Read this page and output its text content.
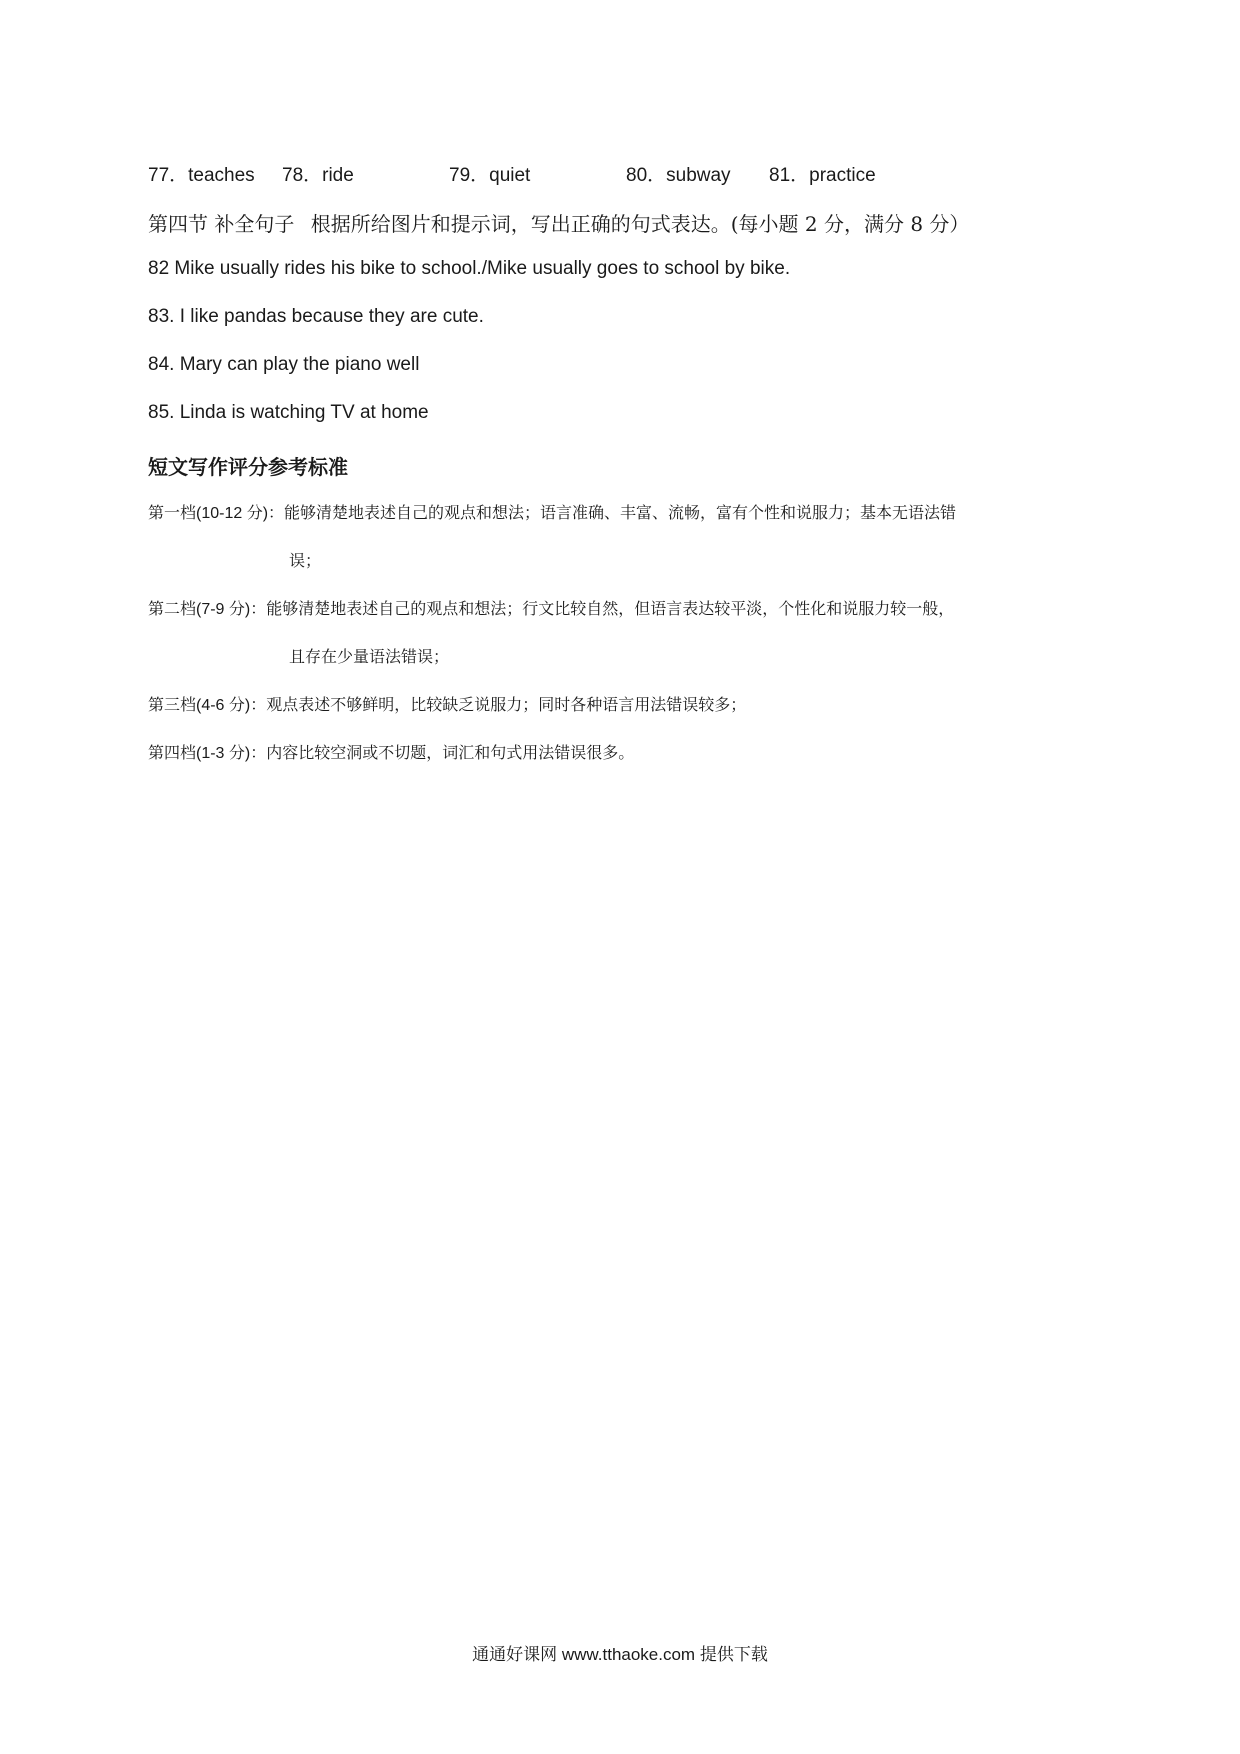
77．teaches 78．ride	79．quiet	80．subway 81．practice
第四节 补全句子 根据所给图片和提示词，写出正确的句式表达。(每小题 2 分，满分 8 分）
82 Mike usually rides his bike to school./Mike usually goes to school by bike.
83. I like pandas because they are cute.
84. Mary can play the piano well
85. Linda is watching TV at home
短文写作评分参考标准
第一档(10-12 分)：能够清楚地表述自己的观点和想法；语言准确、丰富、流畅，富有个性和说服力；基本无语法错
误；
第二档(7-9 分)：能够清楚地表述自己的观点和想法；行文比较自然，但语言表达较平淡，个性化和说服力较一般，
且存在少量语法错误；
第三档(4-6 分)：观点表述不够鲜明，比较缺乏说服力；同时各种语言用法错误较多；
第四档(1-3 分)：内容比较空洞或不切题，词汇和句式用法错误很多。
通通好课网 www.tthaoke.com 提供下载
